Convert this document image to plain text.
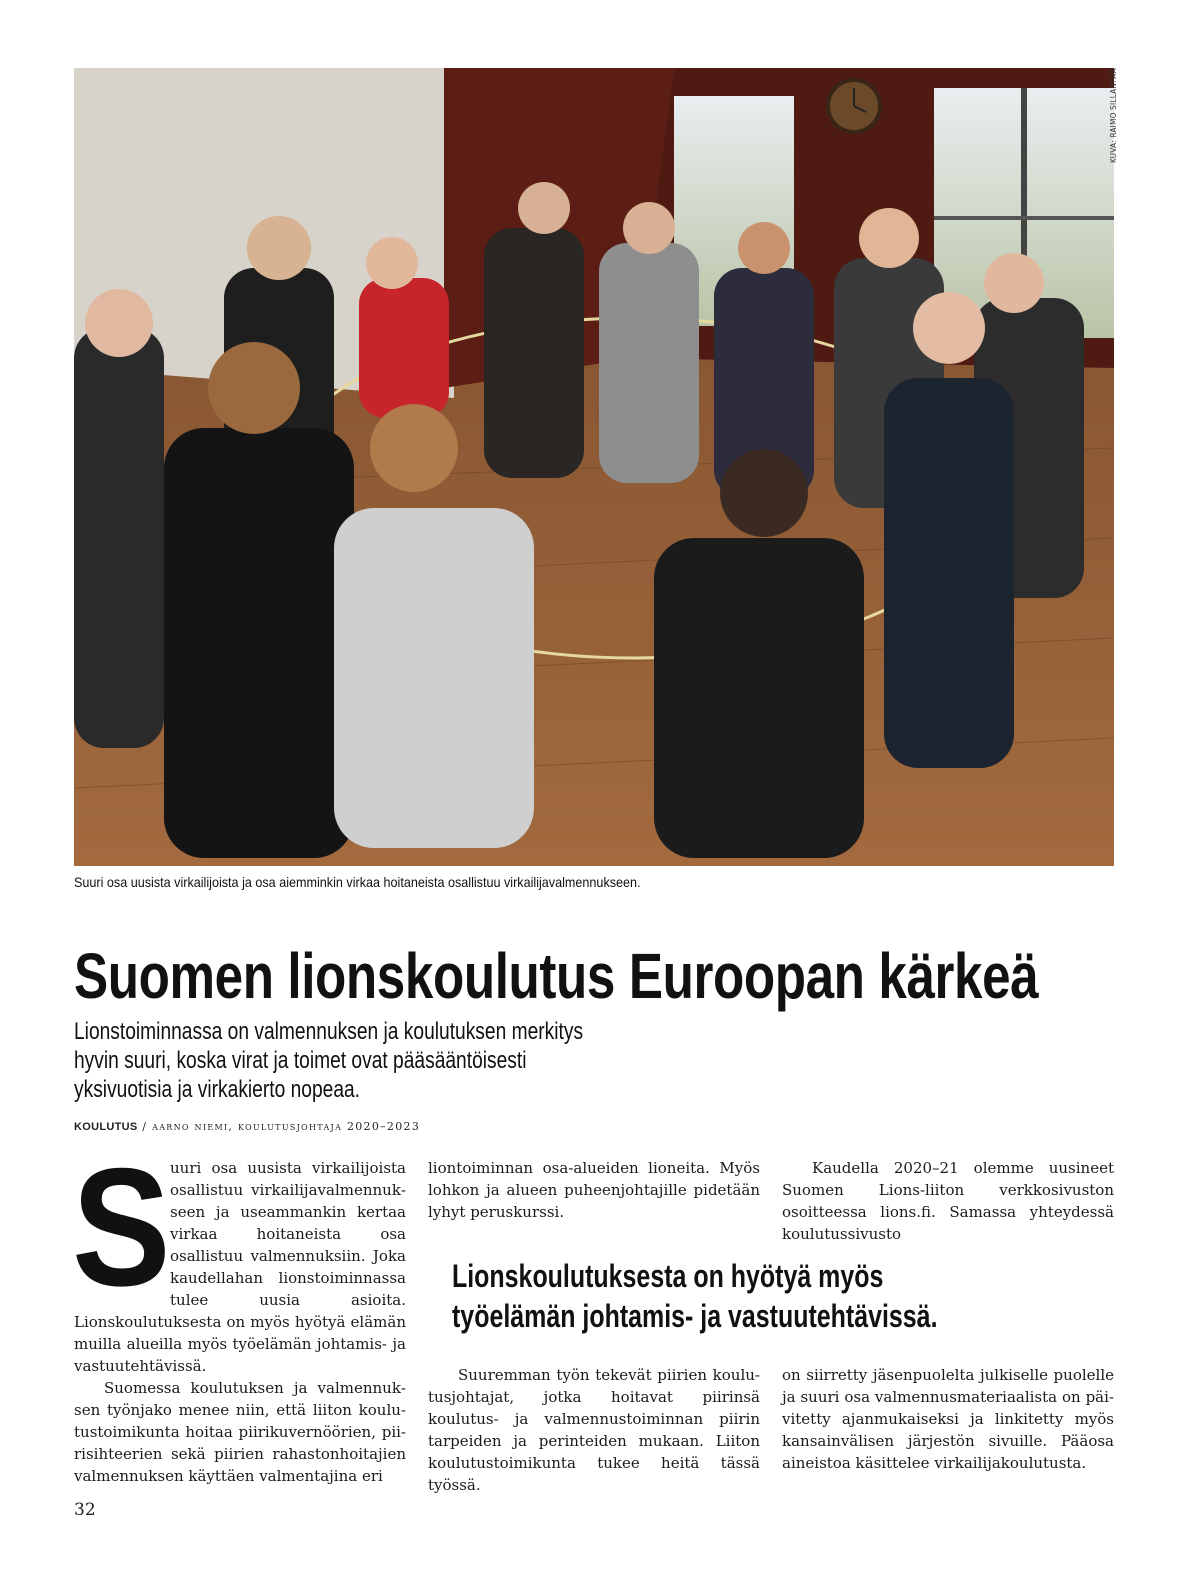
KUVA: RAIMO SILLANPÄÄ
Suuri osa uusista virkailijoista ja osa aiemminkin virkaa hoitaneista osallistuu virkailijavalmennukseen.
Suomen lionskoulutus Euroopan kärkeä
Lionstoiminnassa on valmennuksen ja koulutuksen merkitys hyvin suuri, koska virat ja toimet ovat pääsääntöisesti yksivuotisia ja virkakierto nopeaa.
KOULUTUS / aarno niemi, koulutusjohtaja 2020–2023

Suuri osa uusista virkailijoista osallistuu virkailijavalmennukseen ja useammankin kertaa virkaa hoitaneista osa osallistuu valmennuksiin. Joka kaudellahan lionstoiminnassa tulee uusia asioita. Lionskoulutuksesta on myös hyötyä elämän muilla alueilla myös työelämän johtamis- ja vastuutehtävissä.

Suomessa koulutuksen ja valmennuksen työnjako menee niin, että liiton koulutustoimikunta hoitaa piirikuvernöörien, piirisihteerien sekä piirien rahastonhoitajien valmennuksen käyttäen valmentajina eri

liontoiminnan osa-alueiden lioneita. Myös lohkon ja alueen puheenjohtajille pidetään lyhyt peruskurssi.

Kaudella 2020–21 olemme uusineet Suomen Lions-liiton verkkosivuston osoitteessa lions.fi. Samassa yhteydessä koulutussivusto

Lionskoulutuksesta on hyötyä myös työelämän johtamis- ja vastuutehtävissä.

Suuremman työn tekevät piirien koulutusjohtajat, jotka hoitavat piirinsä koulutus- ja valmennustoiminnan piirin tarpeiden ja perinteiden mukaan. Liiton koulutustoimikunta tukee heitä tässä työssä.

on siirretty jäsenpuolelta julkiselle puolelle ja suuri osa valmennusmateriaalista on päivitetty ajanmukaiseksi ja linkitetty myös kansainvälisen järjestön sivuille. Pääosa aineistoa käsittelee virkailijakoulutusta.

32
